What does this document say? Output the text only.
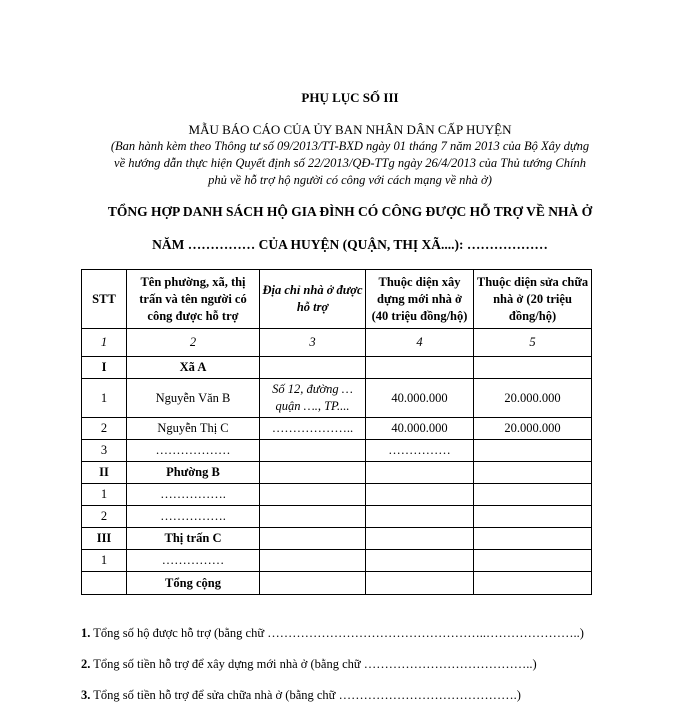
PHỤ LỤC SỐ III
MẪU BÁO CÁO CỦA ỦY BAN NHÂN DÂN CẤP HUYỆN
(Ban hành kèm theo Thông tư số 09/2013/TT-BXD ngày 01 tháng 7 năm 2013 của Bộ Xây dựng
về hướng dẫn thực hiện Quyết định số 22/2013/QĐ-TTg ngày 26/4/2013 của Thủ tướng Chính
phủ về hỗ trợ hộ người có công với cách mạng về nhà ở)
TỔNG HỢP DANH SÁCH HỘ GIA ĐÌNH CÓ CÔNG ĐƯỢC HỖ TRỢ VỀ NHÀ Ở
NĂM …………… CỦA HUYỆN (QUẬN, THỊ XÃ....): ………………
STT	Tên phường, xã, thị trấn và tên người có công được hỗ trợ	Địa chỉ nhà ở được hỗ trợ	Thuộc diện xây dựng mới nhà ở (40 triệu đồng/hộ)	Thuộc diện sửa chữa nhà ở (20 triệu đồng/hộ)
1	2	3	4	5
I	Xã A			
1	Nguyễn Văn B	Số 12, đường … quận …., TP....	40.000.000	20.000.000
2	Nguyễn Thị C	………………..	40.000.000	20.000.000
3	………………		……………	
II	Phường B			
1	…………….			
2	…………….			
III	Thị trấn C			
1	……………			
	Tổng cộng			
1. Tổng số hộ được hỗ trợ (bằng chữ ……………………………………………..…………………..)
2. Tổng số tiền hỗ trợ để xây dựng mới nhà ở (bằng chữ …………………………………..)
3. Tổng số tiền hỗ trợ để sửa chữa nhà ở (bằng chữ …………………………………….)
